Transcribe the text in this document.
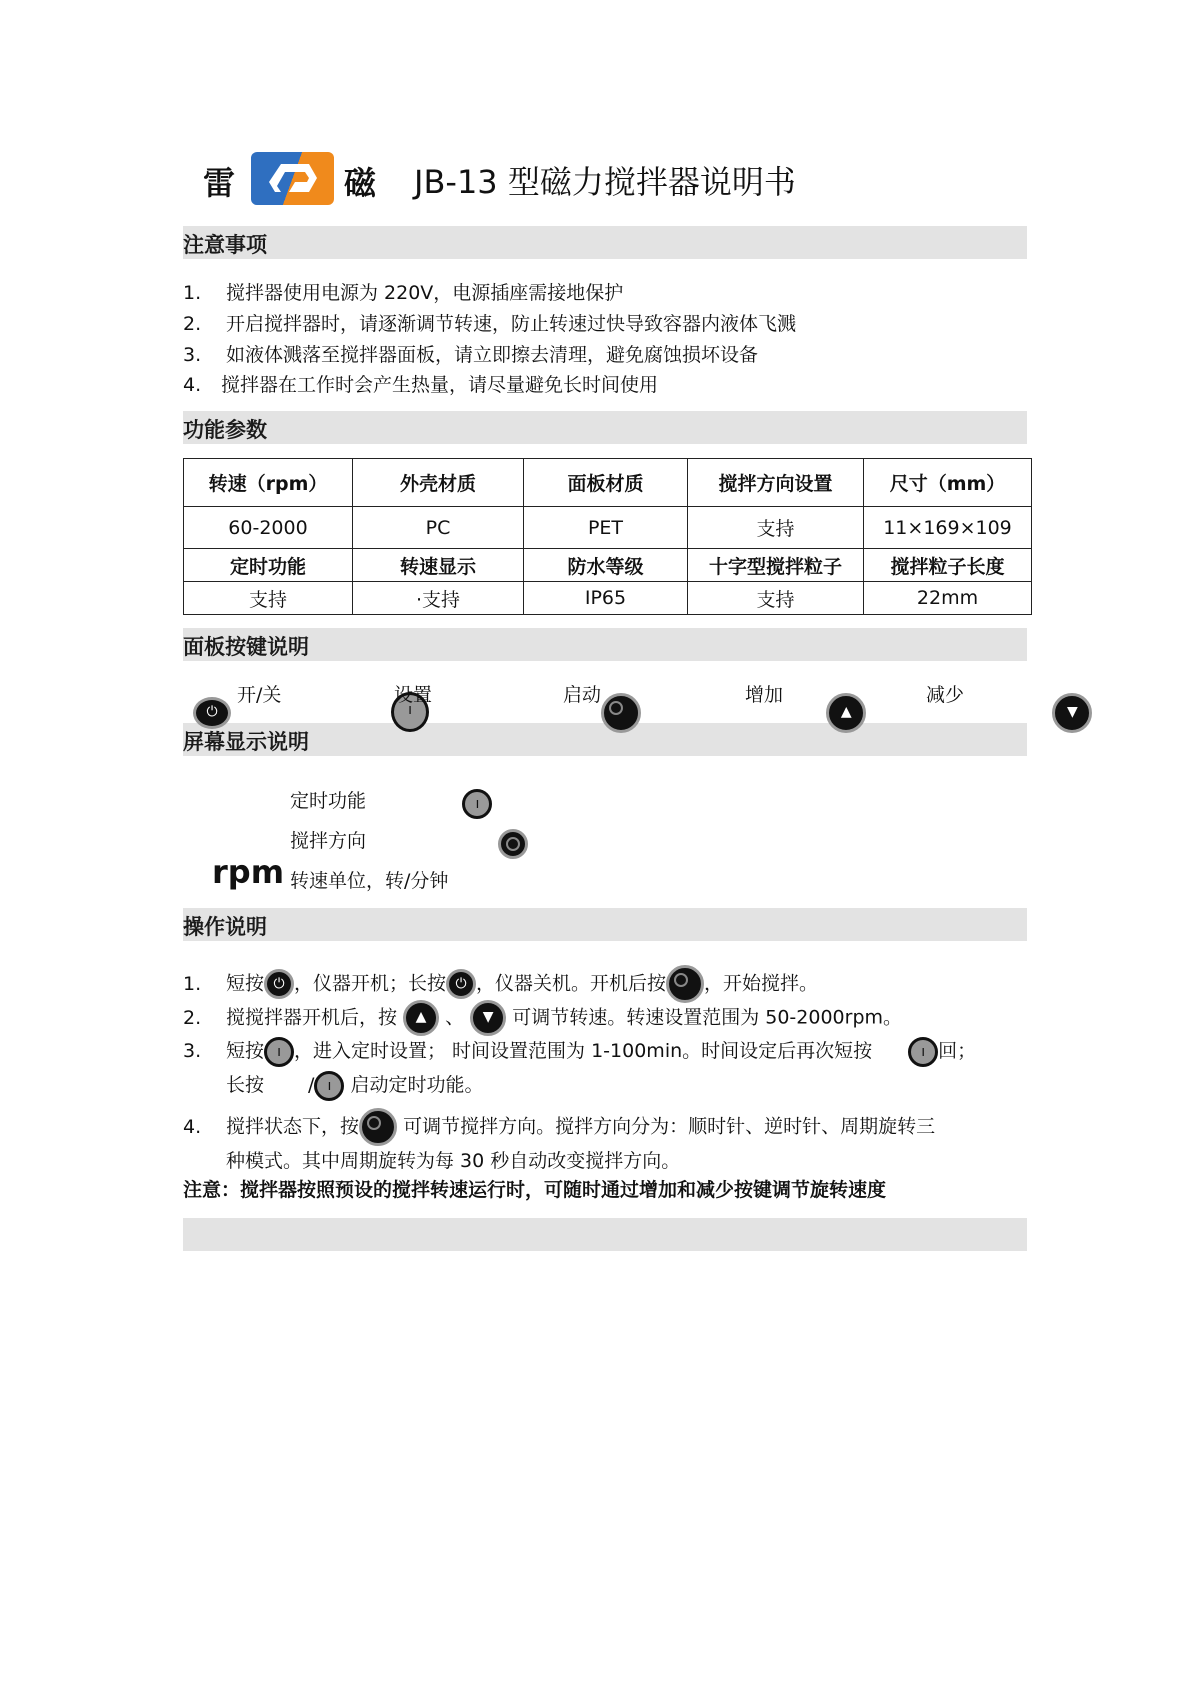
雷	磁 JB-13 型磁力搅拌器说明书
注意事项
1. 搅拌器使用电源为 220V，电源插座需接地保护
2. 开启搅拌器时，请逐渐调节转速，防止转速过快导致容器内液体飞溅
3. 如液体溅落至搅拌器面板，请立即擦去清理，避免腐蚀损坏设备
4. 搅拌器在工作时会产生热量，请尽量避免长时间使用
功能参数
转速（rpm）	外壳材质	面板材质	搅拌方向设置	尺寸（mm）
60-2000	PC	PET	支持	11×169×109
定时功能	转速显示	防水等级	十字型搅拌粒子	搅拌粒子长度
支持	·支持	IP65	支持	22mm
面板按键说明
屏幕显示说明
⏻
开/关
ı
设置
	启动
▲
增加
▼
减少
ı
定时功能
搅拌方向
rpm 转速单位，转/分钟
操作说明
1. 短按 ⏻ ，仪器开机；长按 ⏻ ，仪器关机。开机后按 ，开始搅拌。
2. 搅搅拌器开机后，按 ▲ 、 ▼ 可调节转速。转速设置范围为 50-2000rpm。
3. 短按 ı ，进入定时设置； 时间设置范围为 1-100min。时间设定后再次短按	ı 回；
长按 / ı 启动定时功能。
4. 搅拌状态下，按 可调节搅拌方向。搅拌方向分为：顺时针、逆时针、周期旋转三
种模式。其中周期旋转为每 30 秒自动改变搅拌方向。
注意：搅拌器按照预设的搅拌转速运行时，可随时通过增加和减少按键调节旋转速度
